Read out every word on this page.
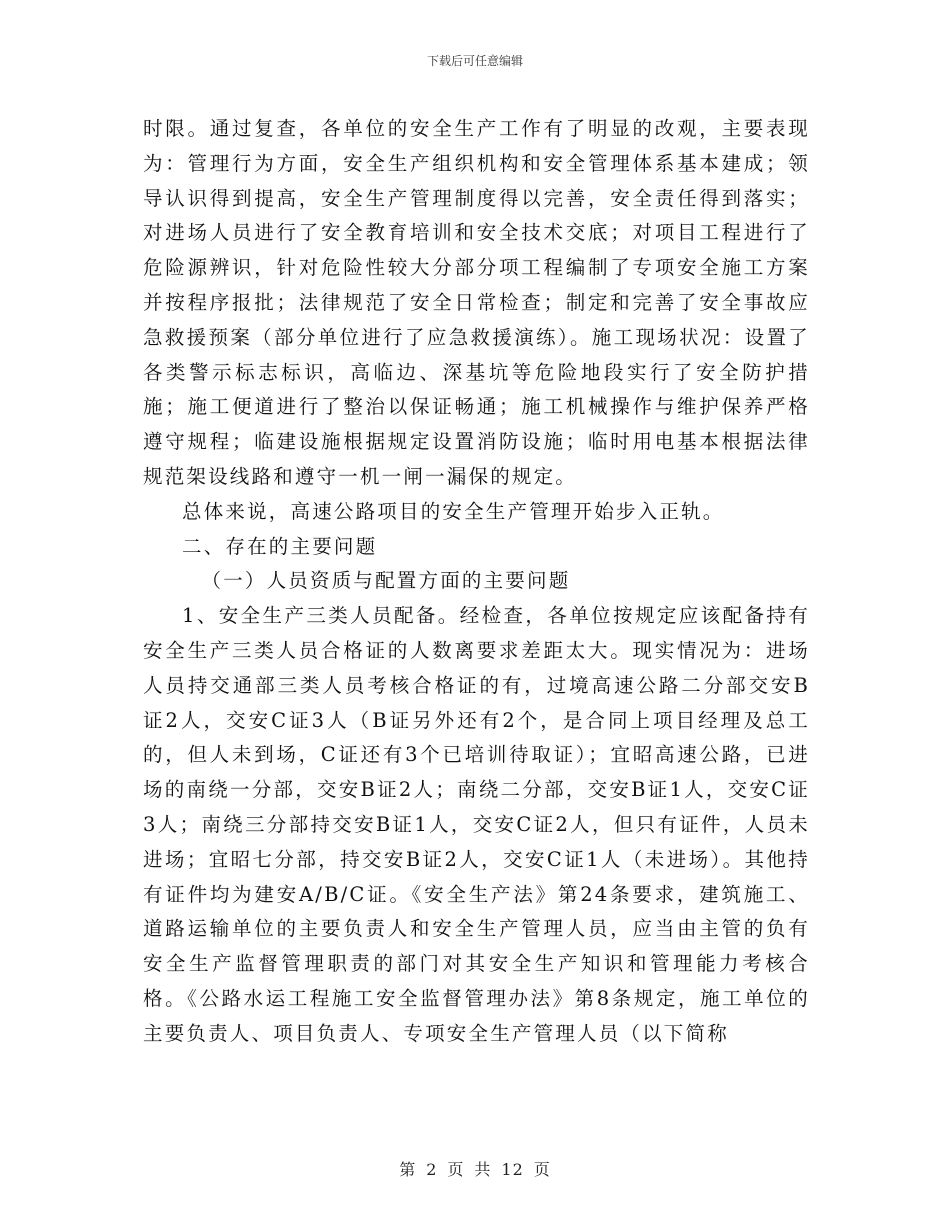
下载后可任意编辑

时限。通过复查，各单位的安全生产工作有了明显的改观，主要表现为：管理行为方面，安全生产组织机构和安全管理体系基本建成；领导认识得到提高，安全生产管理制度得以完善，安全责任得到落实；对进场人员进行了安全教育培训和安全技术交底；对项目工程进行了危险源辨识，针对危险性较大分部分项工程编制了专项安全施工方案并按程序报批；法律规范了安全日常检查；制定和完善了安全事故应急救援预案（部分单位进行了应急救援演练）。施工现场状况：设置了各类警示标志标识，高临边、深基坑等危险地段实行了安全防护措施；施工便道进行了整治以保证畅通；施工机械操作与维护保养严格遵守规程；临建设施根据规定设置消防设施；临时用电基本根据法律规范架设线路和遵守一机一闸一漏保的规定。

总体来说，高速公路项目的安全生产管理开始步入正轨。

二、存在的主要问题

（一）人员资质与配置方面的主要问题

1、安全生产三类人员配备。经检查，各单位按规定应该配备持有安全生产三类人员合格证的人数离要求差距太大。现实情况为：进场人员持交通部三类人员考核合格证的有，过境高速公路二分部交安B证2人，交安C证3人（B证另外还有2个，是合同上项目经理及总工的，但人未到场，C证还有3个已培训待取证）；宜昭高速公路，已进场的南绕一分部，交安B证2人；南绕二分部，交安B证1人，交安C证3人；南绕三分部持交安B证1人，交安C证2人，但只有证件，人员未进场；宜昭七分部，持交安B证2人，交安C证1人（未进场）。其他持有证件均为建安A/B/C证。《安全生产法》第24条要求，建筑施工、道路运输单位的主要负责人和安全生产管理人员，应当由主管的负有安全生产监督管理职责的部门对其安全生产知识和管理能力考核合格。《公路水运工程施工安全监督管理办法》第8条规定，施工单位的主要负责人、项目负责人、专项安全生产管理人员（以下简称

第 2 页 共 12 页
